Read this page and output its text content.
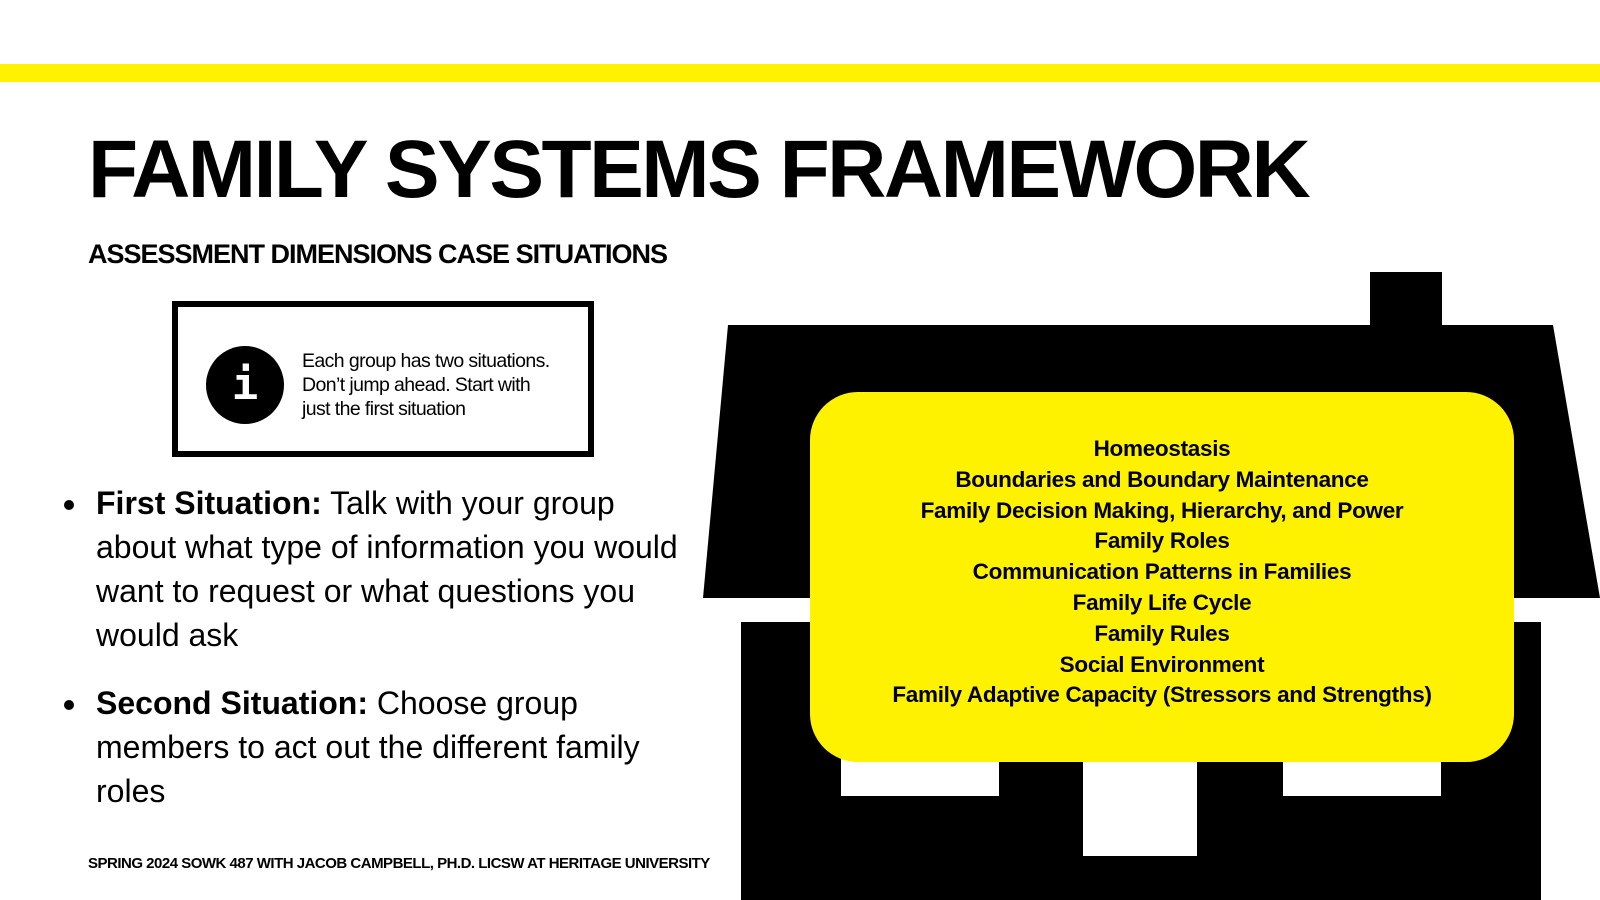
FAMILY SYSTEMS FRAMEWORK
ASSESSMENT DIMENSIONS CASE SITUATIONS
i	Each group has two situations.
Don’t jump ahead. Start with
just the first situation
First Situation: Talk with your group about what type of information you would want to request or what questions you would ask
Second Situation: Choose group members to act out the different family roles
Homeostasis
Boundaries and Boundary Maintenance
Family Decision Making, Hierarchy, and Power
Family Roles
Communication Patterns in Families
Family Life Cycle
Family Rules
Social Environment
Family Adaptive Capacity (Stressors and Strengths)
SPRING 2024 SOWK 487 WITH JACOB CAMPBELL, PH.D. LICSW AT HERITAGE UNIVERSITY
